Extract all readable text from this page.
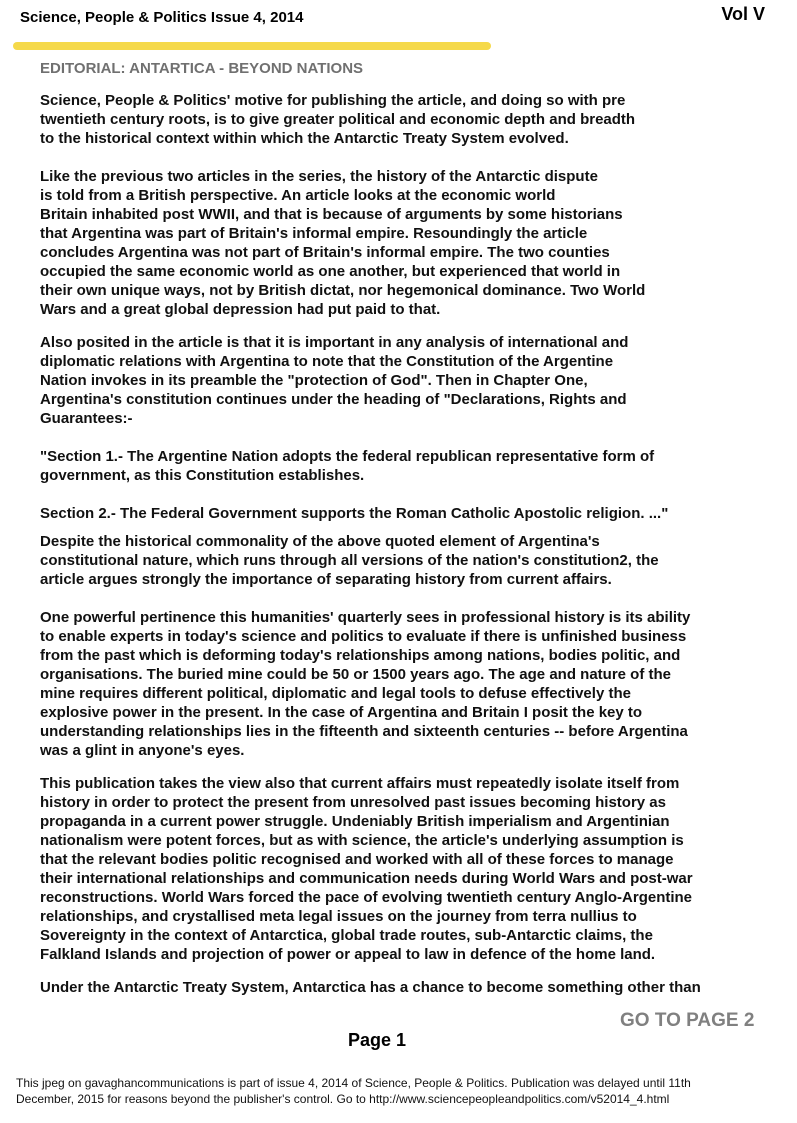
Science, People & Politics Issue 4, 2014	Vol V
EDITORIAL: ANTARTICA - BEYOND NATIONS

Science, People & Politics' motive for publishing the article, and doing so with pre
twentieth century roots, is to give greater political and economic depth and breadth
to the historical context within which the Antarctic Treaty System evolved.

Like the previous two articles in the series, the history of the Antarctic dispute
is told from a British perspective. An article looks at the economic world
Britain inhabited post WWII, and that is because of arguments by some historians
that Argentina was part of Britain's informal empire. Resoundingly the article
concludes Argentina was not part of Britain's informal empire. The two counties
occupied the same economic world as one another, but experienced that world in
their own unique ways, not by British dictat, nor hegemonical dominance. Two World
Wars and a great global depression had put paid to that.

Also posited in the article is that it is important in any analysis of international and
diplomatic relations with Argentina to note that the Constitution of the Argentine
Nation invokes in its preamble the "protection of God". Then in Chapter One,
Argentina's constitution continues under the heading of "Declarations, Rights and
Guarantees:-

"Section 1.- The Argentine Nation adopts the federal republican representative form of
government, as this Constitution establishes.

Section 2.- The Federal Government supports the Roman Catholic Apostolic religion. ..."

Despite the historical commonality of the above quoted element of Argentina's
constitutional nature, which runs through all versions of the nation's constitution2, the
article argues strongly the importance of separating history from current affairs.

One powerful pertinence this humanities' quarterly sees in professional history is its ability
to enable experts in today's science and politics to evaluate if there is unfinished business
from the past which is deforming today's relationships among nations, bodies politic, and
organisations. The buried mine could be 50 or 1500 years ago. The age and nature of the
mine requires different political, diplomatic and legal tools to defuse effectively the
explosive power in the present. In the case of Argentina and Britain I posit the key to
understanding relationships lies in the fifteenth and sixteenth centuries -- before Argentina
was a glint in anyone's eyes.

This publication takes the view also that current affairs must repeatedly isolate itself from
history in order to protect the present from unresolved past issues becoming history as
propaganda in a current power struggle. Undeniably British imperialism and Argentinian
nationalism were potent forces, but as with science, the article's underlying assumption is
that the relevant bodies politic recognised and worked with all of these forces to manage
their international relationships and communication needs during World Wars and post-war
reconstructions. World Wars forced the pace of evolving twentieth century Anglo-Argentine
relationships, and crystallised meta legal issues on the journey from terra nullius to
Sovereignty in the context of Antarctica, global trade routes, sub-Antarctic claims, the
Falkland Islands and projection of power or appeal to law in defence of the home land.

Under the Antarctic Treaty System, Antarctica has a chance to become something other than

GO TO PAGE 2
Page 1
This jpeg on gavaghancommunications is part of issue 4, 2014 of Science, People & Politics. Publication was delayed until 11th
December, 2015 for reasons beyond the publisher's control. Go to http://www.sciencepeopleandpolitics.com/v52014_4.html
